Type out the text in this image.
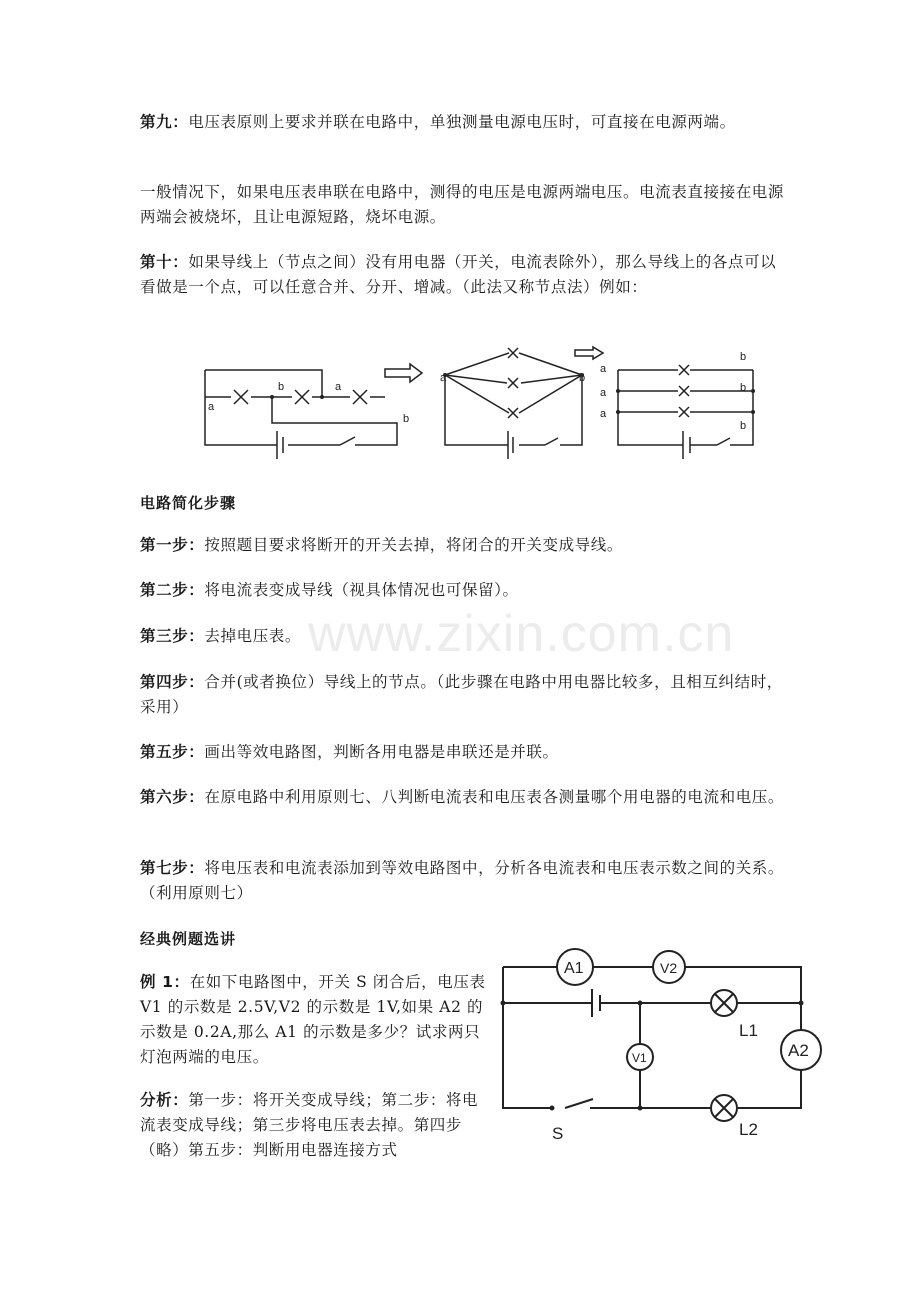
www.zixin.com.cn
第九：电压表原则上要求并联在电路中，单独测量电源电压时，可直接在电源两端。
一般情况下，如果电压表串联在电路中，测得的电压是电源两端电压。电流表直接接在电源两端会被烧坏，且让电源短路，烧坏电源。
第十：如果导线上（节点之间）没有用电器（开关，电流表除外），那么导线上的各点可以看做是一个点，可以任意合并、分开、增减。（此法又称节点法）例如：
a
b	a
b
a	b
a
a
a
b
b
b
电路简化步骤
第一步：按照题目要求将断开的开关去掉，将闭合的开关变成导线。
第二步：将电流表变成导线（视具体情况也可保留）。
第三步：去掉电压表。
第四步：合并(或者换位）导线上的节点。（此步骤在电路中用电器比较多，且相互纠结时，采用）
第五步：画出等效电路图，判断各用电器是串联还是并联。
第六步：在原电路中利用原则七、八判断电流表和电压表各测量哪个用电器的电流和电压。
第七步：将电压表和电流表添加到等效电路图中，分析各电流表和电压表示数之间的关系。（利用原则七）
经典例题选讲
例 1：在如下电路图中，开关 S 闭合后，电压表 V1 的示数是 2.5V,V2 的示数是 1V,如果 A2 的示数是 0.2A,那么 A1 的示数是多少？试求两只灯泡两端的电压。
分析：第一步：将开关变成导线；第二步：将电流表变成导线；第三步将电压表去掉。第四步（略）第五步：判断用电器连接方式
A1	V2
V1	A2
L1
L2
S
